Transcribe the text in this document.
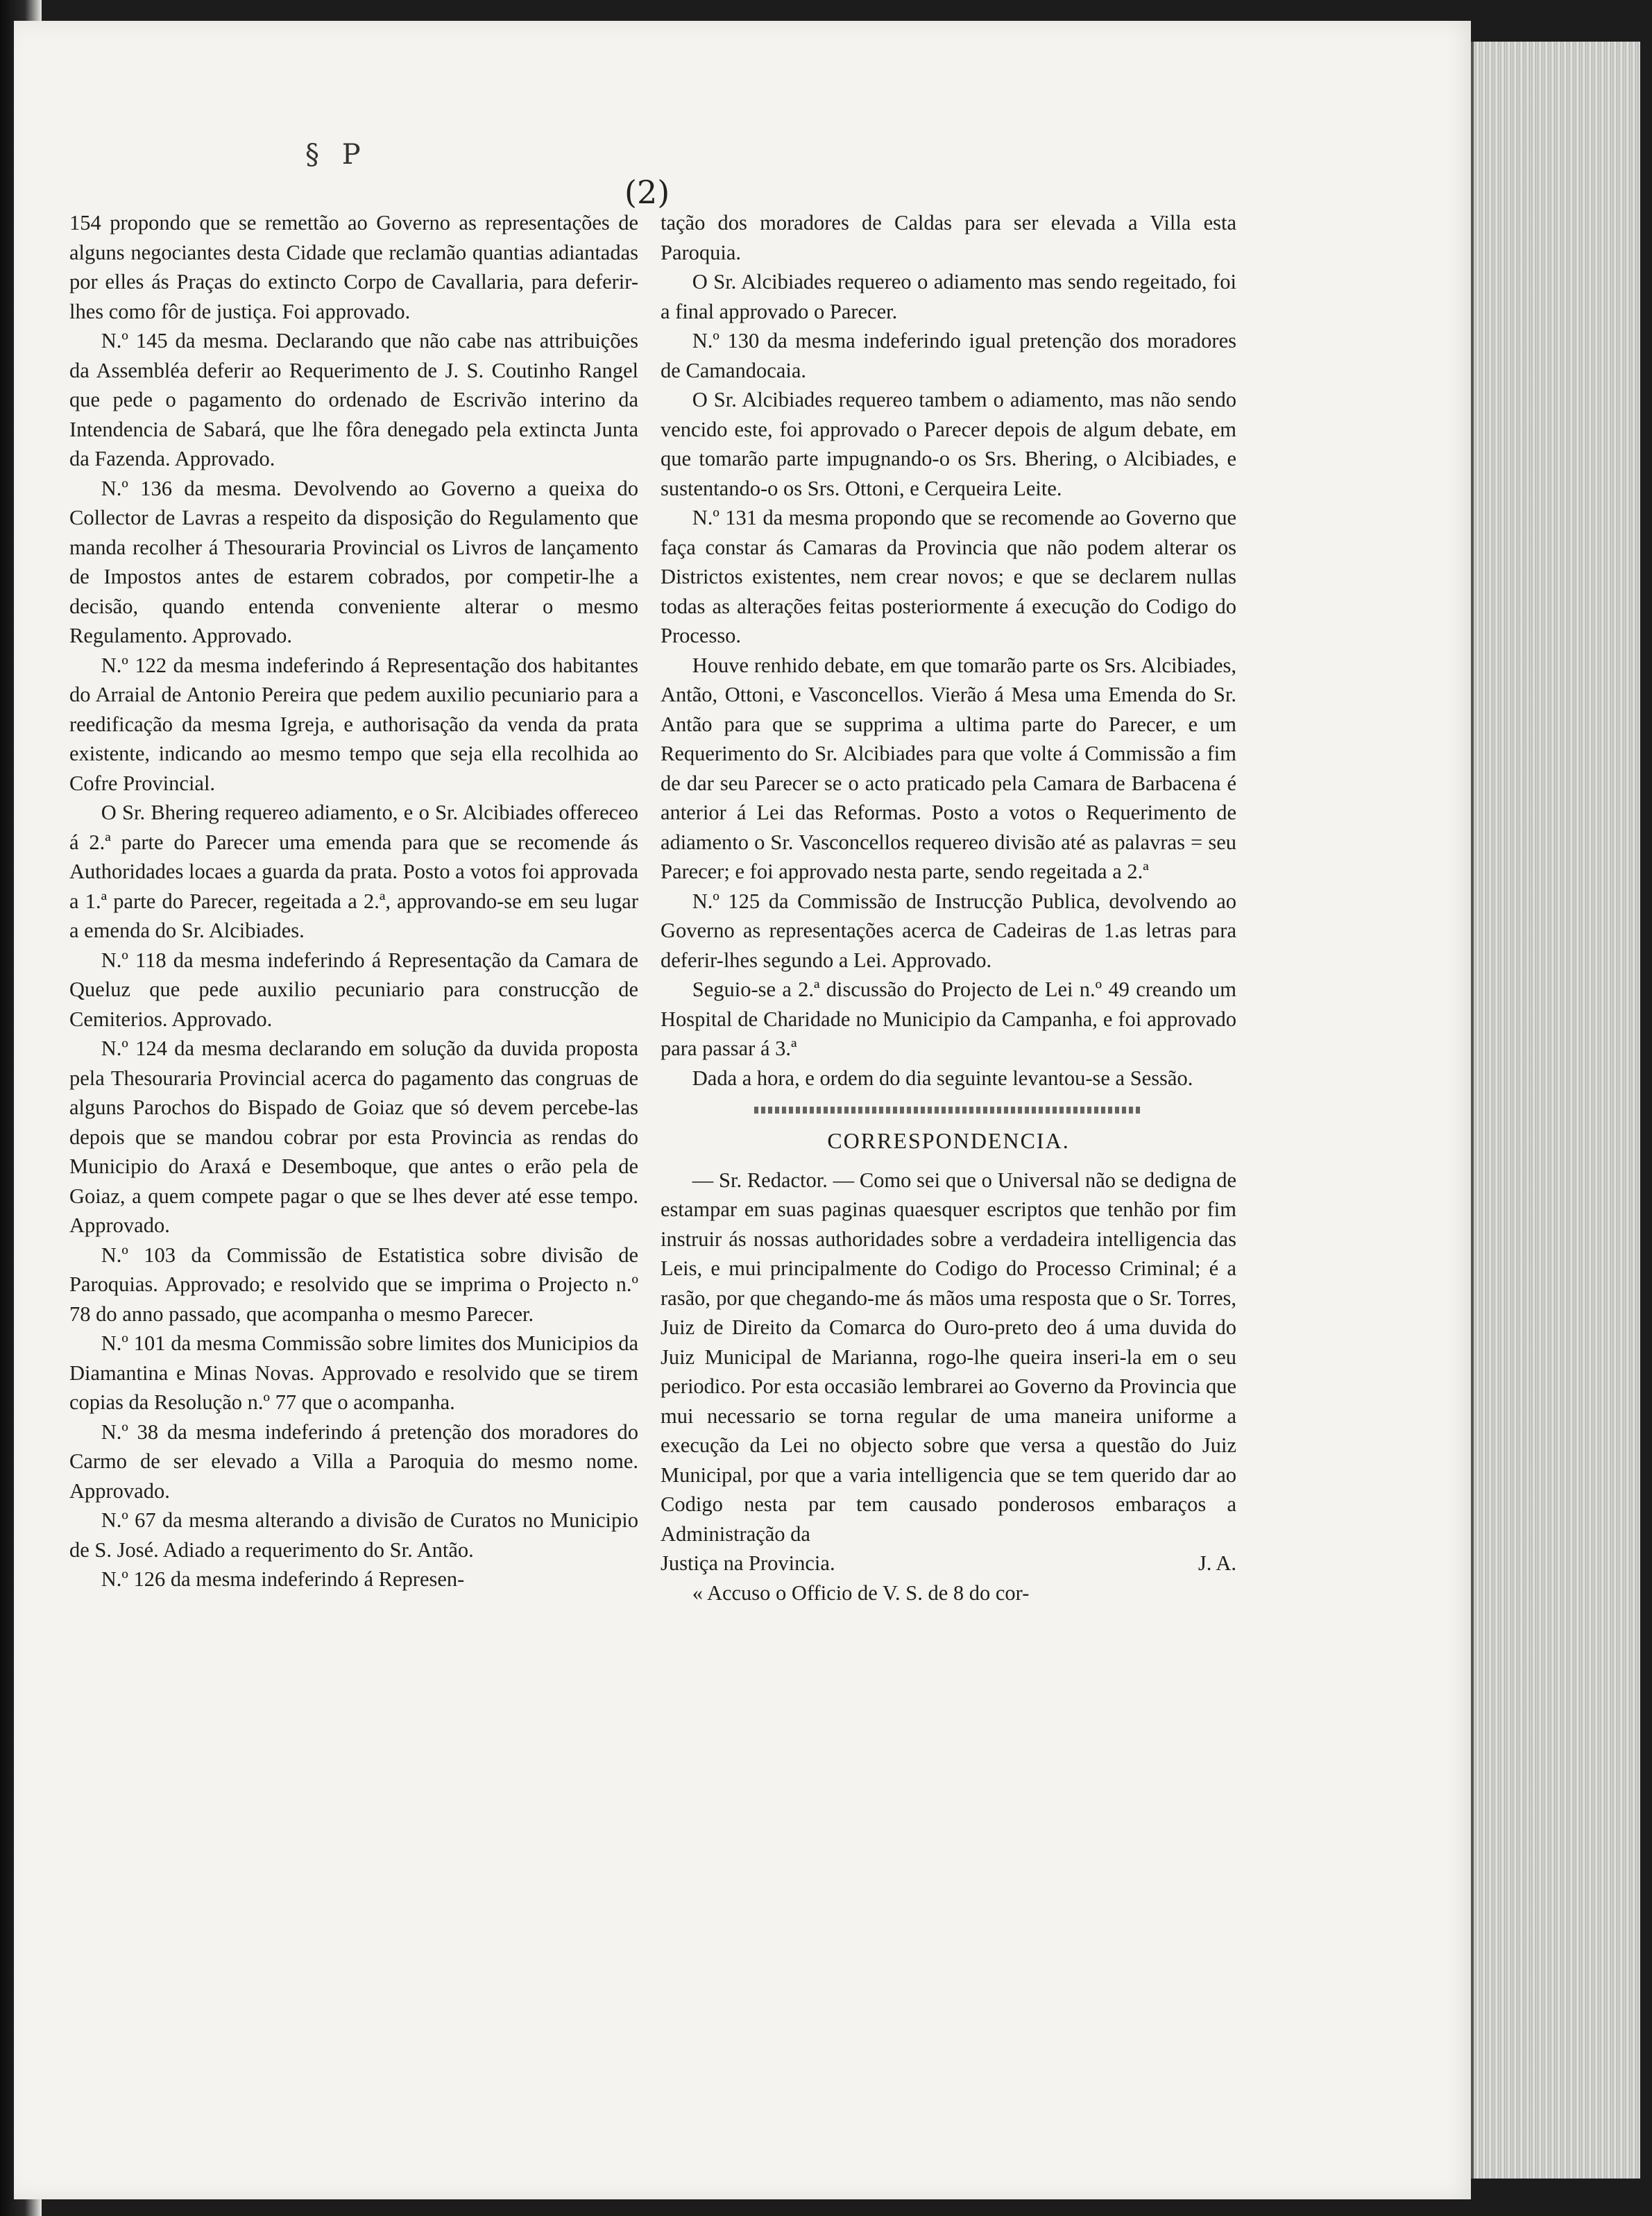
§ P
(2)

154 propondo que se remettão ao Governo as representações de alguns negociantes desta Cidade que reclamão quantias adiantadas por elles ás Praças do extincto Corpo de Cavallaria, para deferir-lhes como fôr de justiça. Foi approvado.

N.º 145 da mesma. Declarando que não cabe nas attribuições da Assembléa deferir ao Requerimento de J. S. Coutinho Rangel que pede o pagamento do ordenado de Escrivão interino da Intendencia de Sabará, que lhe fôra denegado pela extincta Junta da Fazenda. Approvado.

N.º 136 da mesma. Devolvendo ao Governo a queixa do Collector de Lavras a respeito da disposição do Regulamento que manda recolher á Thesouraria Provincial os Livros de lançamento de Impostos antes de estarem cobrados, por competir-lhe a decisão, quando entenda conveniente alterar o mesmo Regulamento. Approvado.

N.º 122 da mesma indeferindo á Representação dos habitantes do Arraial de Antonio Pereira que pedem auxilio pecuniario para a reedificação da mesma Igreja, e authorisação da venda da prata existente, indicando ao mesmo tempo que seja ella recolhida ao Cofre Provincial.

O Sr. Bhering requereo adiamento, e o Sr. Alcibiades offereceo á 2.ª parte do Parecer uma emenda para que se recomende ás Authoridades locaes a guarda da prata. Posto a votos foi approvada a 1.ª parte do Parecer, regeitada a 2.ª, approvando-se em seu lugar a emenda do Sr. Alcibiades.

N.º 118 da mesma indeferindo á Representação da Camara de Queluz que pede auxilio pecuniario para construcção de Cemiterios. Approvado.

N.º 124 da mesma declarando em solução da duvida proposta pela Thesouraria Provincial acerca do pagamento das congruas de alguns Parochos do Bispado de Goiaz que só devem percebe-las depois que se mandou cobrar por esta Provincia as rendas do Municipio do Araxá e Desemboque, que antes o erão pela de Goiaz, a quem compete pagar o que se lhes dever até esse tempo. Approvado.

N.º 103 da Commissão de Estatistica sobre divisão de Paroquias. Approvado; e resolvido que se imprima o Projecto n.º 78 do anno passado, que acompanha o mesmo Parecer.

N.º 101 da mesma Commissão sobre limites dos Municipios da Diamantina e Minas Novas. Approvado e resolvido que se tirem copias da Resolução n.º 77 que o acompanha.

N.º 38 da mesma indeferindo á pretenção dos moradores do Carmo de ser elevado a Villa a Paroquia do mesmo nome. Approvado.

N.º 67 da mesma alterando a divisão de Curatos no Municipio de S. José. Adiado a requerimento do Sr. Antão.

N.º 126 da mesma indeferindo á Represen-

tação dos moradores de Caldas para ser elevada a Villa esta Paroquia.

O Sr. Alcibiades requereo o adiamento mas sendo regeitado, foi a final approvado o Parecer.

N.º 130 da mesma indeferindo igual pretenção dos moradores de Camandocaia.

O Sr. Alcibiades requereo tambem o adiamento, mas não sendo vencido este, foi approvado o Parecer depois de algum debate, em que tomarão parte impugnando-o os Srs. Bhering, o Alcibiades, e sustentando-o os Srs. Ottoni, e Cerqueira Leite.

N.º 131 da mesma propondo que se recomende ao Governo que faça constar ás Camaras da Provincia que não podem alterar os Districtos existentes, nem crear novos; e que se declarem nullas todas as alterações feitas posteriormente á execução do Codigo do Processo.

Houve renhido debate, em que tomarão parte os Srs. Alcibiades, Antão, Ottoni, e Vasconcellos. Vierão á Mesa uma Emenda do Sr. Antão para que se supprima a ultima parte do Parecer, e um Requerimento do Sr. Alcibiades para que volte á Commissão a fim de dar seu Parecer se o acto praticado pela Camara de Barbacena é anterior á Lei das Reformas. Posto a votos o Requerimento de adiamento o Sr. Vasconcellos requereo divisão até as palavras = seu Parecer; e foi approvado nesta parte, sendo regeitada a 2.ª

N.º 125 da Commissão de Instrucção Publica, devolvendo ao Governo as representações acerca de Cadeiras de 1.as letras para deferir-lhes segundo a Lei. Approvado.

Seguio-se a 2.ª discussão do Projecto de Lei n.º 49 creando um Hospital de Charidade no Municipio da Campanha, e foi approvado para passar á 3.ª

Dada a hora, e ordem do dia seguinte levantou-se a Sessão.

CORRESPONDENCIA.

— Sr. Redactor. — Como sei que o Universal não se dedigna de estampar em suas paginas quaesquer escriptos que tenhão por fim instruir ás nossas authoridades sobre a verdadeira intelligencia das Leis, e mui principalmente do Codigo do Processo Criminal; é a rasão, por que chegando-me ás mãos uma resposta que o Sr. Torres, Juiz de Direito da Comarca do Ouro-preto deo á uma duvida do Juiz Municipal de Marianna, rogo-lhe queira inseri-la em o seu periodico. Por esta occasião lembrarei ao Governo da Provincia que mui necessario se torna regular de uma maneira uniforme a execução da Lei no objecto sobre que versa a questão do Juiz Municipal, por que a varia intelligencia que se tem querido dar ao Codigo nesta par tem causado ponderosos embaraços a Administração da

Justiça na Provincia.	J. A.

« Accuso o Officio de V. S. de 8 do cor-
